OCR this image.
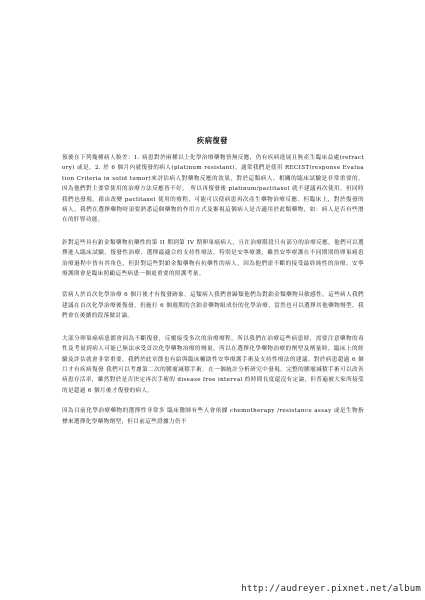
疾病復發

預後在下列幾種病人較差：1. 病患對於兩種以上化學治療藥物皆無反應，仍有疾病進展且無產生臨床益處(refractory) 或是，2. 於 6 個月內就復發的病人(platinum resistant)。通常我們是使用 RECIST(response Evaluation Criteria in solid tumor)來評估病人對藥物反應的效果，對於這類病人、相關的臨床試驗是非常重要的，因為他們對主要常使用的治療方法反應皆不好， 所以再復發後 platinum/paclitaxel 就不建議再次使用，但同時我們也發現，藉由改變 paclitaxel 使用的療程，可能可以使病患再次產生藥物治療反應。但臨床上，對於復發的病人，我們在選擇藥物時須要熟悉這個藥物的作用方式及審視這個病人是否適用於此類藥物，如：病人是否有些潛在的肝腎功能。

針對這些具有鉑金類藥物抗藥性的第 II 期到第 IV 期卵巢癌病人，且在治療階段只有部分的治療反應，他們可以選擇進入臨床試驗、復發性治療、選擇最適合的支持性療法。特別是安寧療護，雖然安寧療護在不同期別的卵巢癌患治療過程中皆有其角色，但針對這些對鉑金類藥物有抗藥性的病人，因為他們需不斷的接受最終純性的治療，安寧療護則會是臨床照顧這些病患一個更重要的照護考量。

當病人於首次化學治療 6 個月後才有復發跡象，這類病人我們會歸類他們為對鉑金類藥物具敏感性。這些病人我們建議在首次化學治療後復發，仍施打 6 個週期的含鉑金藥物組成份的化學治療，當然也可以選擇其他藥物劑型，我們會在後續的段落做討論。

大部分卵巢癌病患都會因為不斷復發，反覆接受多次的治療療程，所以我們在治療這些病患時，需要注意藥物的毒性及考量到病人可能已無法承受首次化學藥物治療的劑量，所以在選擇化學藥物治療的劑型及劑量時，臨床上的經驗及評估就會非常重要。我們於此章節也有給與臨床輔助性安寧療護手術及支持性療法的建議。對於病患超過 6 個月才有疾病復發 我們可以考慮第二次的腫瘤減積手術。在一個統計分析研究中發現，完整的腫瘤減積手術可以改善病患存活率，雖然對於是否決定再次手術的 disease free interval 的時間長度還沒有定論，但普遍被大家所接受的是超過 6 個月後才復發的病人。

因為目前化學治療藥物的選擇性非常多 臨床醫師有些人會依據 chemotherapy /resistance assay 或是生物指標來選擇化學藥物劑型，但目前這些證據力仍不

http://audreyer.pixnet.net/album
